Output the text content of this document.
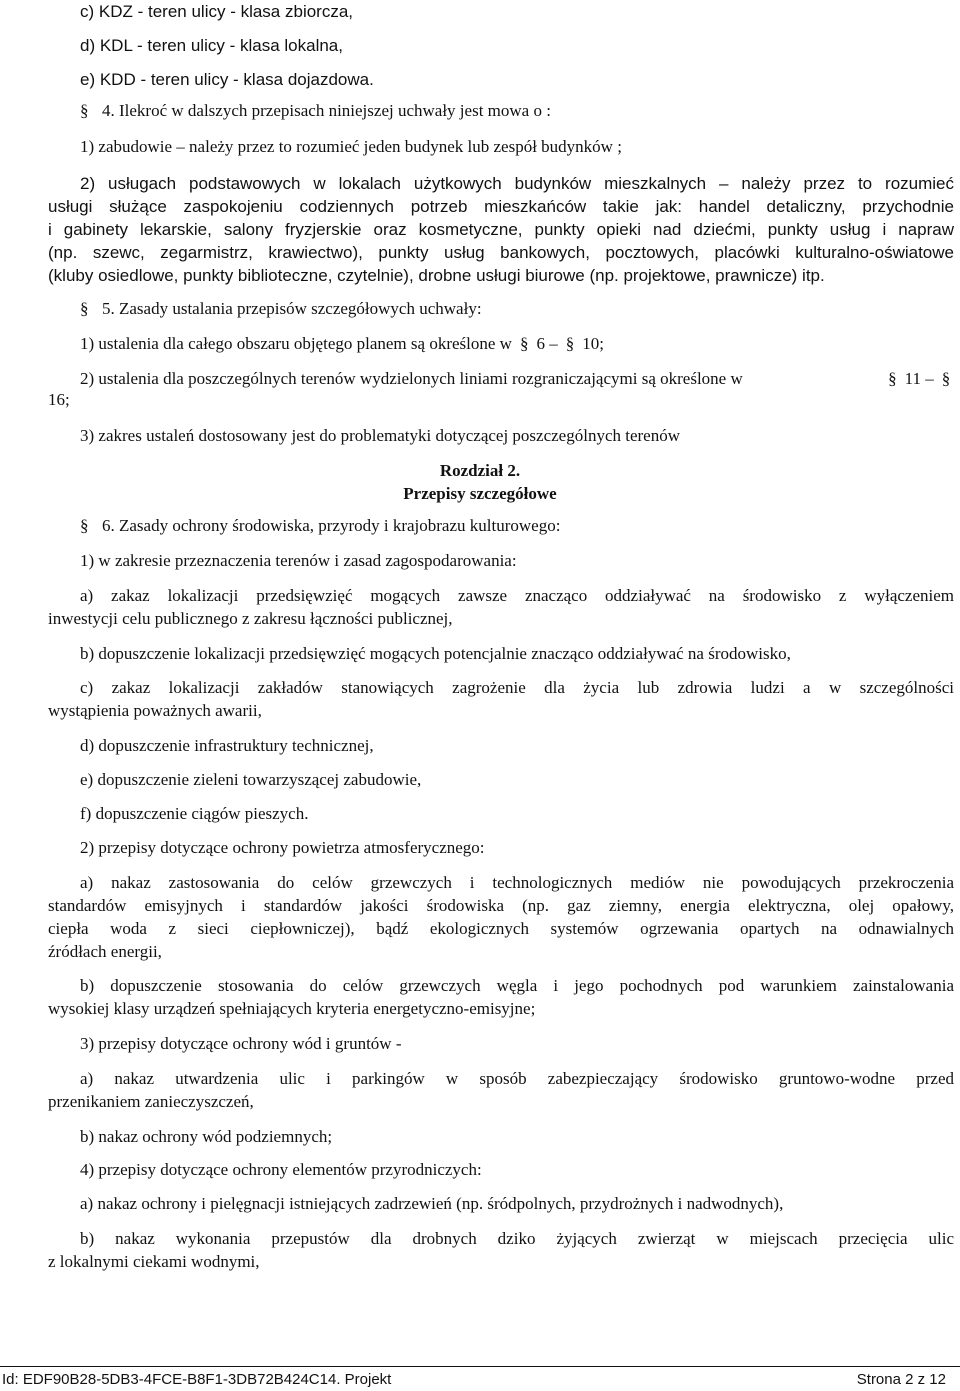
c) KDZ - teren ulicy - klasa zbiorcza,
d) KDL - teren ulicy - klasa lokalna,
e) KDD - teren ulicy - klasa dojazdowa.
§ 4. Ilekroć w dalszych przepisach niniejszej uchwały jest mowa o :
1) zabudowie – należy przez to rozumieć jeden budynek lub zespół budynków ;
2) usługach podstawowych w lokalach użytkowych budynków mieszkalnych – należy przez to rozumieć
usługi służące zaspokojeniu codziennych potrzeb mieszkańców takie jak: handel detaliczny, przychodnie
i gabinety lekarskie, salony fryzjerskie oraz kosmetyczne, punkty opieki nad dziećmi, punkty usług i napraw
(np. szewc, zegarmistrz, krawiectwo), punkty usług bankowych, pocztowych, placówki kulturalno-oświatowe
(kluby osiedlowe, punkty biblioteczne, czytelnie), drobne usługi biurowe (np. projektowe, prawnicze) itp.
§ 5. Zasady ustalania przepisów szczegółowych uchwały:
1) ustalenia dla całego obszaru objętego planem są określone w § 6 – § 10;
2) ustalenia dla poszczególnych terenów wydzielonych liniami rozgraniczającymi są określone w	§ 11 – §
16;
3) zakres ustaleń dostosowany jest do problematyki dotyczącej poszczególnych terenów
Rozdział 2.
Przepisy szczegółowe
§ 6. Zasady ochrony środowiska, przyrody i krajobrazu kulturowego:
1) w zakresie przeznaczenia terenów i zasad zagospodarowania:
a) zakaz lokalizacji przedsięwzięć mogących zawsze znacząco oddziaływać na środowisko z wyłączeniem
inwestycji celu publicznego z zakresu łączności publicznej,
b) dopuszczenie lokalizacji przedsięwzięć mogących potencjalnie znacząco oddziaływać na środowisko,
c) zakaz lokalizacji zakładów stanowiących zagrożenie dla życia lub zdrowia ludzi a w szczególności
wystąpienia poważnych awarii,
d) dopuszczenie infrastruktury technicznej,
e) dopuszczenie zieleni towarzyszącej zabudowie,
f) dopuszczenie ciągów pieszych.
2) przepisy dotyczące ochrony powietrza atmosferycznego:
a) nakaz zastosowania do celów grzewczych i technologicznych mediów nie powodujących przekroczenia
standardów emisyjnych i standardów jakości środowiska (np. gaz ziemny, energia elektryczna, olej opałowy,
ciepła woda z sieci ciepłowniczej), bądź ekologicznych systemów ogrzewania opartych na odnawialnych
źródłach energii,
b) dopuszczenie stosowania do celów grzewczych węgla i jego pochodnych pod warunkiem zainstalowania
wysokiej klasy urządzeń spełniających kryteria energetyczno-emisyjne;
3) przepisy dotyczące ochrony wód i gruntów -
a) nakaz utwardzenia ulic i parkingów w sposób zabezpieczający środowisko gruntowo-wodne przed
przenikaniem zanieczyszczeń,
b) nakaz ochrony wód podziemnych;
4) przepisy dotyczące ochrony elementów przyrodniczych:
a) nakaz ochrony i pielęgnacji istniejących zadrzewień (np. śródpolnych, przydrożnych i nadwodnych),
b) nakaz wykonania przepustów dla drobnych dziko żyjących zwierząt w miejscach przecięcia ulic
z lokalnymi ciekami wodnymi,
Id: EDF90B28-5DB3-4FCE-B8F1-3DB72B424C14. Projekt	Strona 2 z 12
